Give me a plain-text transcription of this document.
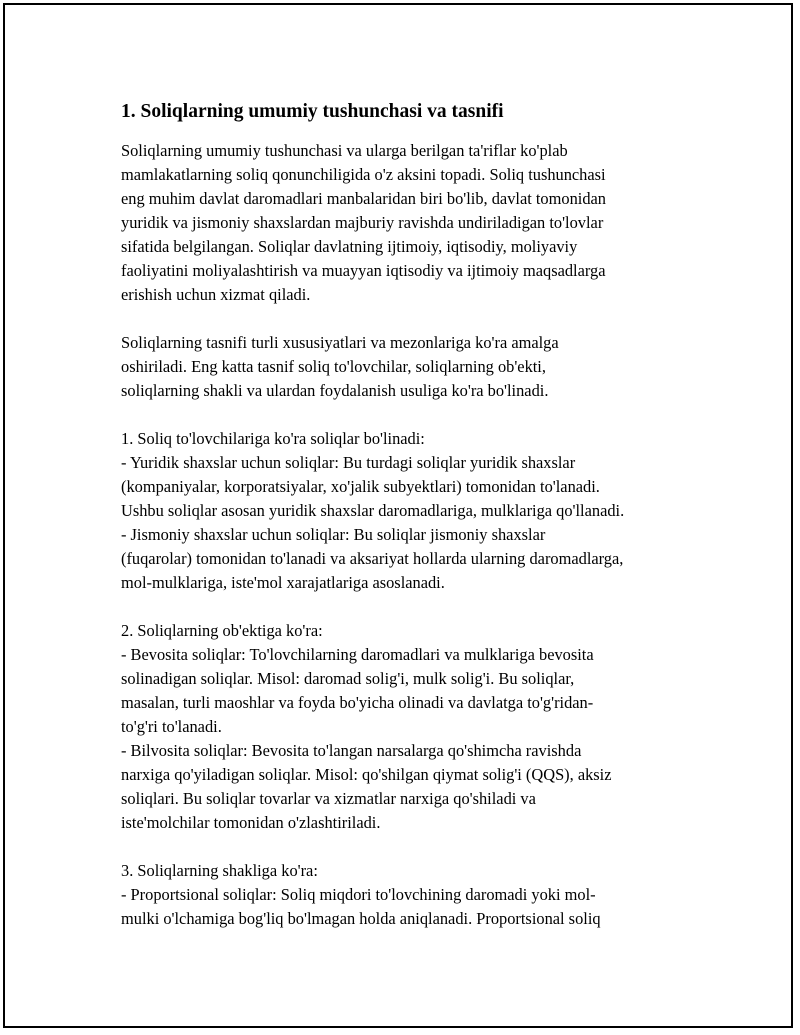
1. Soliqlarning umumiy tushunchasi va tasnifi
Soliqlarning umumiy tushunchasi va ularga berilgan ta'riflar ko'plab
mamlakatlarning soliq qonunchiligida o'z aksini topadi. Soliq tushunchasi
eng muhim davlat daromadlari manbalaridan biri bo'lib, davlat tomonidan
yuridik va jismoniy shaxslardan majburiy ravishda undiriladigan to'lovlar
sifatida belgilangan. Soliqlar davlatning ijtimoiy, iqtisodiy, moliyaviy
faoliyatini moliyalashtirish va muayyan iqtisodiy va ijtimoiy maqsadlarga
erishish uchun xizmat qiladi.
Soliqlarning tasnifi turli xususiyatlari va mezonlariga ko'ra amalga
oshiriladi. Eng katta tasnif soliq to'lovchilar, soliqlarning ob'ekti,
soliqlarning shakli va ulardan foydalanish usuliga ko'ra bo'linadi.
1. Soliq to'lovchilariga ko'ra soliqlar bo'linadi:
- Yuridik shaxslar uchun soliqlar: Bu turdagi soliqlar yuridik shaxslar
(kompaniyalar, korporatsiyalar, xo'jalik subyektlari) tomonidan to'lanadi.
Ushbu soliqlar asosan yuridik shaxslar daromadlariga, mulklariga qo'llanadi.
- Jismoniy shaxslar uchun soliqlar: Bu soliqlar jismoniy shaxslar
(fuqarolar) tomonidan to'lanadi va aksariyat hollarda ularning daromadlarga,
mol-mulklariga, iste'mol xarajatlariga asoslanadi.
2. Soliqlarning ob'ektiga ko'ra:
- Bevosita soliqlar: To'lovchilarning daromadlari va mulklariga bevosita
solinadigan soliqlar. Misol: daromad solig'i, mulk solig'i. Bu soliqlar,
masalan, turli maoshlar va foyda bo'yicha olinadi va davlatga to'g'ridan-
to'g'ri to'lanadi.
- Bilvosita soliqlar: Bevosita to'langan narsalarga qo'shimcha ravishda
narxiga qo'yiladigan soliqlar. Misol: qo'shilgan qiymat solig'i (QQS), aksiz
soliqlari. Bu soliqlar tovarlar va xizmatlar narxiga qo'shiladi va
iste'molchilar tomonidan o'zlashtiriladi.
3. Soliqlarning shakliga ko'ra:
- Proportsional soliqlar: Soliq miqdori to'lovchining daromadi yoki mol-
mulki o'lchamiga bog'liq bo'lmagan holda aniqlanadi. Proportsional soliq
